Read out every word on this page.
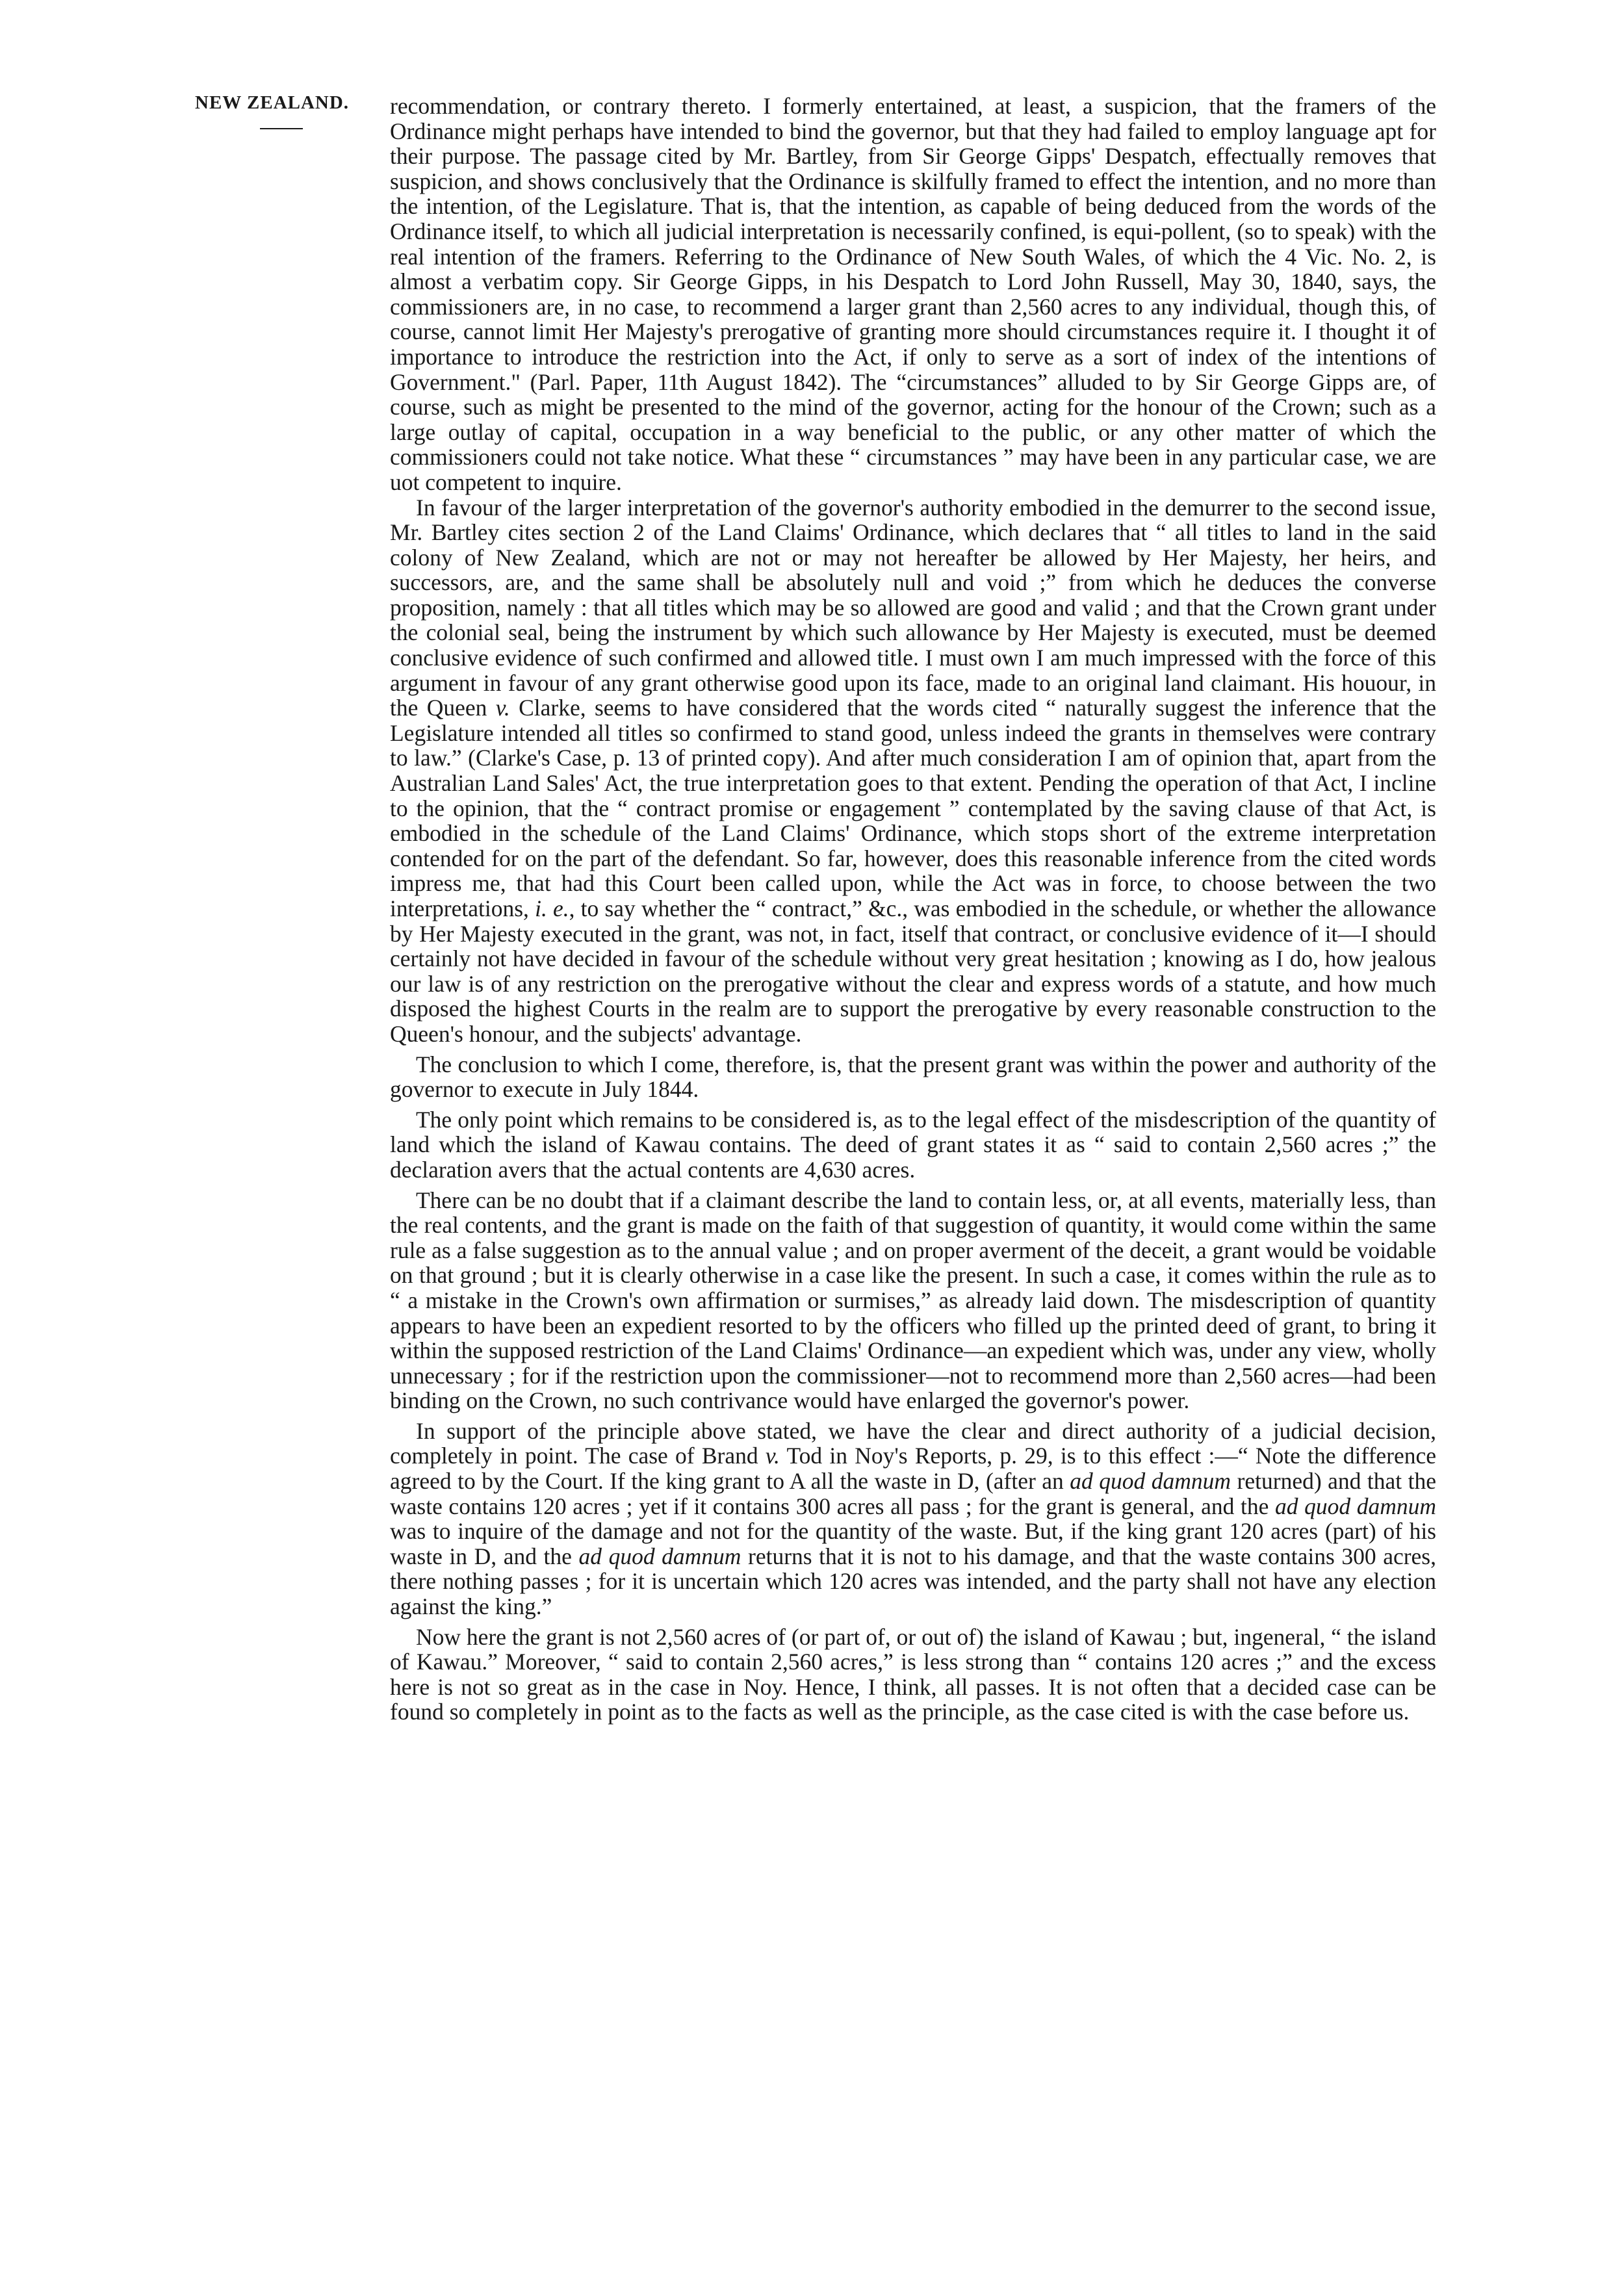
NEW ZEALAND. recommendation, or contrary thereto. I formerly entertained, at least, a suspicion, that the framers of the Ordinance might perhaps have intended to bind the governor, but that they had failed to employ language apt for their purpose. The passage cited by Mr. Bartley, from Sir George Gipps' Despatch, effectually removes that suspicion, and shows conclusively that the Ordinance is skilfully framed to effect the intention, and no more than the intention, of the Legislature. That is, that the intention, as capable of being deduced from the words of the Ordinance itself, to which all judicial interpretation is necessarily confined, is equi-pollent, (so to speak) with the real intention of the framers. Referring to the Ordinance of New South Wales, of which the 4 Vic. No. 2, is almost a verbatim copy. Sir George Gipps, in his Despatch to Lord John Russell, May 30, 1840, says, the commissioners are, in no case, to recommend a larger grant than 2,560 acres to any individual, though this, of course, cannot limit Her Majesty's prerogative of granting more should circumstances require it. I thought it of importance to introduce the restriction into the Act, if only to serve as a sort of index of the intentions of Government." (Parl. Paper, 11th August 1842). The “circumstances” alluded to by Sir George Gipps are, of course, such as might be presented to the mind of the governor, acting for the honour of the Crown; such as a large outlay of capital, occupation in a way beneficial to the public, or any other matter of which the commissioners could not take notice. What these “ circumstances ” may have been in any particular case, we are uot competent to inquire.

In favour of the larger interpretation of the governor's authority embodied in the demurrer to the second issue, Mr. Bartley cites section 2 of the Land Claims' Ordinance, which declares that “ all titles to land in the said colony of New Zealand, which are not or may not hereafter be allowed by Her Majesty, her heirs, and successors, are, and the same shall be absolutely null and void ;” from which he deduces the converse proposition, namely : that all titles which may be so allowed are good and valid ; and that the Crown grant under the colonial seal, being the instrument by which such allowance by Her Majesty is executed, must be deemed conclusive evidence of such confirmed and allowed title. I must own I am much impressed with the force of this argument in favour of any grant otherwise good upon its face, made to an original land claimant. His houour, in the Queen v. Clarke, seems to have considered that the words cited “ naturally suggest the inference that the Legislature intended all titles so confirmed to stand good, unless indeed the grants in themselves were contrary to law.” (Clarke's Case, p. 13 of printed copy). And after much consideration I am of opinion that, apart from the Australian Land Sales' Act, the true interpretation goes to that extent. Pending the operation of that Act, I incline to the opinion, that the “ contract promise or engagement ” contemplated by the saving clause of that Act, is embodied in the schedule of the Land Claims' Ordinance, which stops short of the extreme interpretation contended for on the part of the defendant. So far, however, does this reasonable inference from the cited words impress me, that had this Court been called upon, while the Act was in force, to choose between the two interpretations, i. e., to say whether the “ contract,” &c., was embodied in the schedule, or whether the allowance by Her Majesty executed in the grant, was not, in fact, itself that contract, or conclusive evidence of it—I should certainly not have decided in favour of the schedule without very great hesitation ; knowing as I do, how jealous our law is of any restriction on the prerogative without the clear and express words of a statute, and how much disposed the highest Courts in the realm are to support the prerogative by every reasonable construction to the Queen's honour, and the subjects' advantage.

The conclusion to which I come, therefore, is, that the present grant was within the power and authority of the governor to execute in July 1844.

The only point which remains to be considered is, as to the legal effect of the misdescription of the quantity of land which the island of Kawau contains. The deed of grant states it as “ said to contain 2,560 acres ;” the declaration avers that the actual contents are 4,630 acres.

There can be no doubt that if a claimant describe the land to contain less, or, at all events, materially less, than the real contents, and the grant is made on the faith of that suggestion of quantity, it would come within the same rule as a false suggestion as to the annual value ; and on proper averment of the deceit, a grant would be voidable on that ground ; but it is clearly otherwise in a case like the present. In such a case, it comes within the rule as to “ a mistake in the Crown's own affirmation or surmises,” as already laid down. The misdescription of quantity appears to have been an expedient resorted to by the officers who filled up the printed deed of grant, to bring it within the supposed restriction of the Land Claims' Ordinance—an expedient which was, under any view, wholly unnecessary ; for if the restriction upon the commissioner—not to recommend more than 2,560 acres—had been binding on the Crown, no such contrivance would have enlarged the governor's power.

In support of the principle above stated, we have the clear and direct authority of a judicial decision, completely in point. The case of Brand v. Tod in Noy's Reports, p. 29, is to this effect :—“ Note the difference agreed to by the Court. If the king grant to A all the waste in D, (after an ad quod damnum returned) and that the waste contains 120 acres ; yet if it contains 300 acres all pass ; for the grant is general, and the ad quod damnum was to inquire of the damage and not for the quantity of the waste. But, if the king grant 120 acres (part) of his waste in D, and the ad quod damnum returns that it is not to his damage, and that the waste contains 300 acres, there nothing passes ; for it is uncertain which 120 acres was intended, and the party shall not have any election against the king.”

Now here the grant is not 2,560 acres of (or part of, or out of) the island of Kawau ; but, ingeneral, “ the island of Kawau.” Moreover, “ said to contain 2,560 acres,” is less strong than “ contains 120 acres ;” and the excess here is not so great as in the case in Noy. Hence, I think, all passes. It is not often that a decided case can be found so completely in point as to the facts as well as the principle, as the case cited is with the case before us.
